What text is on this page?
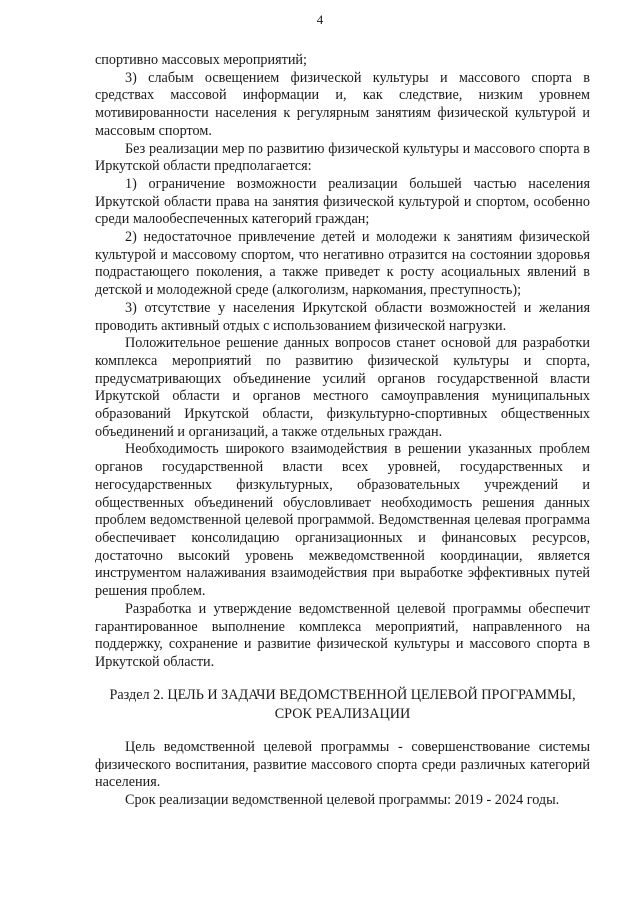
4

спортивно массовых мероприятий;

3) слабым освещением физической культуры и массового спорта в средствах массовой информации и, как следствие, низким уровнем мотивированности населения к регулярным занятиям физической культурой и массовым спортом.

Без реализации мер по развитию физической культуры и массового спорта в Иркутской области предполагается:

1) ограничение возможности реализации большей частью населения Иркутской области права на занятия физической культурой и спортом, особенно среди малообеспеченных категорий граждан;

2) недостаточное привлечение детей и молодежи к занятиям физической культурой и массовому спортом, что негативно отразится на состоянии здоровья подрастающего поколения, а также приведет к росту асоциальных явлений в детской и молодежной среде (алкоголизм, наркомания, преступность);

3) отсутствие у населения Иркутской области возможностей и желания проводить активный отдых с использованием физической нагрузки.

Положительное решение данных вопросов станет основой для разработки комплекса мероприятий по развитию физической культуры и спорта, предусматривающих объединение усилий органов государственной власти Иркутской области и органов местного самоуправления муниципальных образований Иркутской области, физкультурно-спортивных общественных объединений и организаций, а также отдельных граждан.

Необходимость широкого взаимодействия в решении указанных проблем органов государственной власти всех уровней, государственных и негосударственных физкультурных, образовательных учреждений и общественных объединений обусловливает необходимость решения данных проблем ведомственной целевой программой. Ведомственная целевая программа обеспечивает консолидацию организационных и финансовых ресурсов, достаточно высокий уровень межведомственной координации, является инструментом налаживания взаимодействия при выработке эффективных путей решения проблем.

Разработка и утверждение ведомственной целевой программы обеспечит гарантированное выполнение комплекса мероприятий, направленного на поддержку, сохранение и развитие физической культуры и массового спорта в Иркутской области.

Раздел 2. ЦЕЛЬ И ЗАДАЧИ ВЕДОМСТВЕННОЙ ЦЕЛЕВОЙ ПРОГРАММЫ,
СРОК РЕАЛИЗАЦИИ

Цель ведомственной целевой программы - совершенствование системы физического воспитания, развитие массового спорта среди различных категорий населения.

Срок реализации ведомственной целевой программы: 2019 - 2024 годы.
